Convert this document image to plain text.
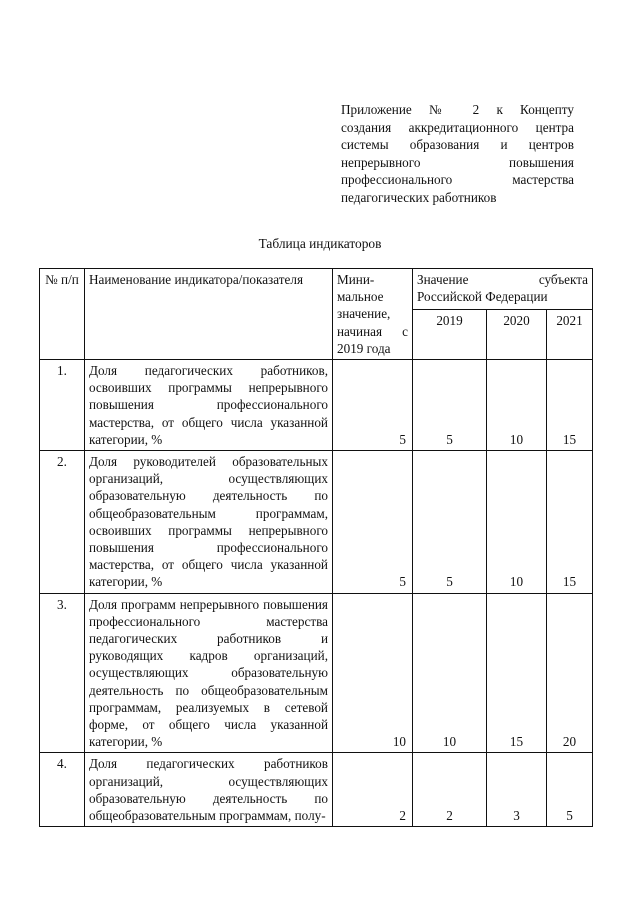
Приложение № 2 к Концепту
создания аккредитационного центра
системы образования и центров
непрерывного повышения
профессионального мастерства
педагогических работников
Таблица индикаторов
№ п/п	Наименование индикатора/показателя	Мини-мальное значение, начиная с 2019 года	Значение субъекта Российской Федерации		
			2019	2020	2021
1.	Доля педагогических работников, освоивших программы непрерывного повышения профессионального мастерства, от общего числа указанной категории, %	5	5	10	15
2.	Доля руководителей образовательных организаций, осуществляющих образовательную деятельность по общеобразовательным программам, освоивших программы непрерывного повышения профессионального мастерства, от общего числа указанной категории, %	5	5	10	15
3.	Доля программ непрерывного повышения профессионального мастерства педагогических работников и руководящих кадров организаций, осуществляющих образовательную деятельность по общеобразовательным программам, реализуемых в сетевой форме, от общего числа указанной категории, %	10	10	15	20
4.	Доля педагогических работников организаций, осуществляющих образовательную деятельность по общеобразовательным программам, полу-	2	2	3	5
